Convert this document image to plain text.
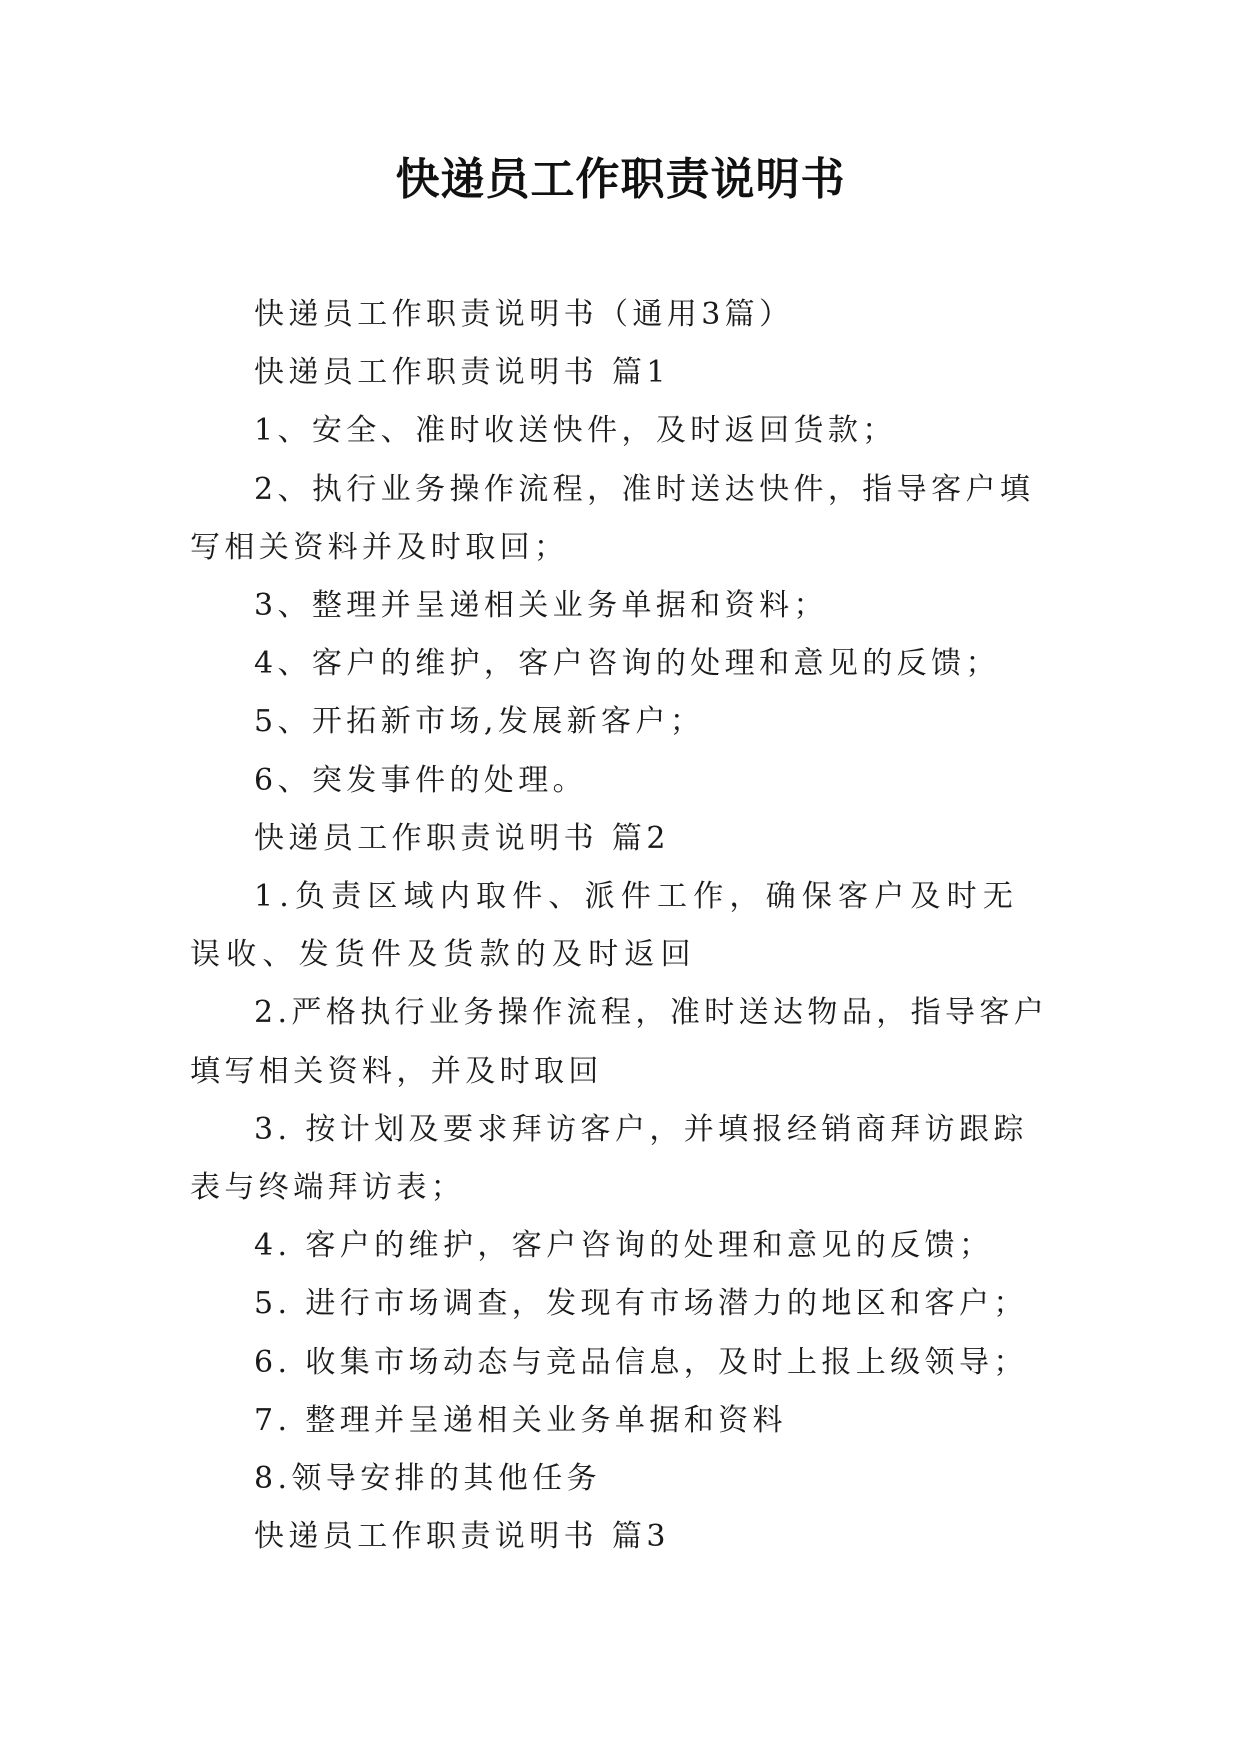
快递员工作职责说明书

快递员工作职责说明书（通用3篇）

快递员工作职责说明书 篇1

1、安全、准时收送快件，及时返回货款；

2、执行业务操作流程，准时送达快件，指导客户填写相关资料并及时取回；

3、整理并呈递相关业务单据和资料；

4、客户的维护，客户咨询的处理和意见的反馈；

5、开拓新市场,发展新客户；

6、突发事件的处理。

快递员工作职责说明书 篇2

1.负责区域内取件、派件工作，确保客户及时无误收、发货件及货款的及时返回

2.严格执行业务操作流程，准时送达物品，指导客户填写相关资料，并及时取回

3. 按计划及要求拜访客户，并填报经销商拜访跟踪表与终端拜访表；

4. 客户的维护，客户咨询的处理和意见的反馈；

5. 进行市场调查，发现有市场潜力的地区和客户；

6. 收集市场动态与竞品信息，及时上报上级领导；

7. 整理并呈递相关业务单据和资料

8.领导安排的其他任务

快递员工作职责说明书 篇3
